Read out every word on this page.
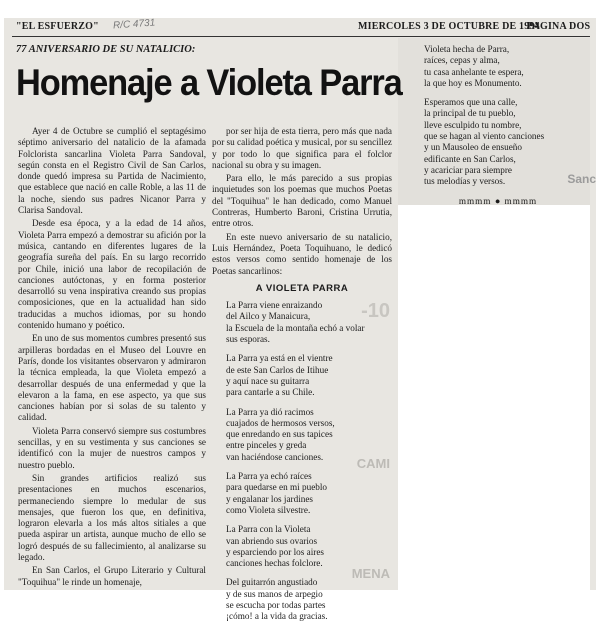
"EL ESFUERZO" R/C 4731	MIERCOLES 3 DE OCTUBRE DE 1994
PAGINA DOS
77 ANIVERSARIO DE SU NATALICIO:
Homenaje a Violeta Parra

Ayer 4 de Octubre se cumplió el septagésimo séptimo aniversario del natalicio de la afamada Folclorista sancarlina Violeta Parra Sandoval, según consta en el Registro Civil de San Carlos, donde quedó impresa su Partida de Nacimiento, que establece que nació en calle Roble, a las 11 de la noche, siendo sus padres Nicanor Parra y Clarisa Sandoval.

Desde esa época, y a la edad de 14 años, Violeta Parra empezó a demostrar su afición por la música, cantando en diferentes lugares de la geografía sureña del país. En su largo recorrido por Chile, inició una labor de recopilación de canciones autóctonas, y en forma posterior desarrolló su vena inspirativa creando sus propias composiciones, que en la actualidad han sido traducidas a muchos idiomas, por su hondo contenido humano y poético.

En uno de sus momentos cumbres presentó sus arpilleras bordadas en el Museo del Louvre en París, donde los visitantes observaron y admiraron la técnica empleada, la que Violeta empezó a desarrollar después de una enfermedad y que la elevaron a la fama, en ese aspecto, ya que sus canciones habían por si solas de su talento y calidad.

Violeta Parra conservó siempre sus costumbres sencillas, y en su vestimenta y sus canciones se identificó con la mujer de nuestros campos y nuestro pueblo.

Sin grandes artificios realizó sus presentaciones en muchos escenarios, permaneciendo siempre lo medular de sus mensajes, que fueron los que, en definitiva, lograron elevarla a los más altos sitiales a que pueda aspirar un artista, aunque mucho de ello se logró después de su fallecimiento, al analizarse su legado.

En San Carlos, el Grupo Literario y Cultural "Toquihua" le rinde un homenaje,

por ser hija de esta tierra, pero más que nada por su calidad poética y musical, por su sencillez y por todo lo que significa para el folclor nacional su obra y su imagen.

Para ello, le más parecido a sus propias inquietudes son los poemas que muchos Poetas del "Toquihua" le han dedicado, como Manuel Contreras, Humberto Baroni, Cristina Urrutia, entre otros.

En este nuevo aniversario de su natalicio, Luis Hernández, Poeta Toquihuano, le dedicó estos versos como sentido homenaje de los Poetas sancarlinos:

A VIOLETA PARRA
La Parra viene enraizando
del Ailco y Manaicura,
la Escuela de la montaña echó a volar
sus esporas.
La Parra ya está en el vientre
de este San Carlos de Itihue
y aquí nace su guitarra
para cantarle a su Chile.
La Parra ya dió racimos
cuajados de hermosos versos,
que enredando en sus tapices
entre pinceles y greda
van haciéndose canciones.
La Parra ya echó raíces
para quedarse en mi pueblo
y engalanar los jardines
como Violeta silvestre.
La Parra con la Violeta
van abriendo sus ovarios
y esparciendo por los aires
canciones hechas folclore.
Del guitarrón angustiado
y de sus manos de arpegio
se escucha por todas partes
¡cómo! a la vida da gracias.
Violeta hecha de Parra,
raíces, cepas y alma,
tu casa anhelante te espera,
la que hoy es Monumento.
Esperamos que una calle,
la principal de tu pueblo,
lleve esculpido tu nombre,
que se hagan al viento canciones
y un Mausoleo de ensueño
edificante en San Carlos,
y acariciar para siempre
tus melodías y versos.
mmmm ● mmmm
Sanc
-10
CAMI
MENA
